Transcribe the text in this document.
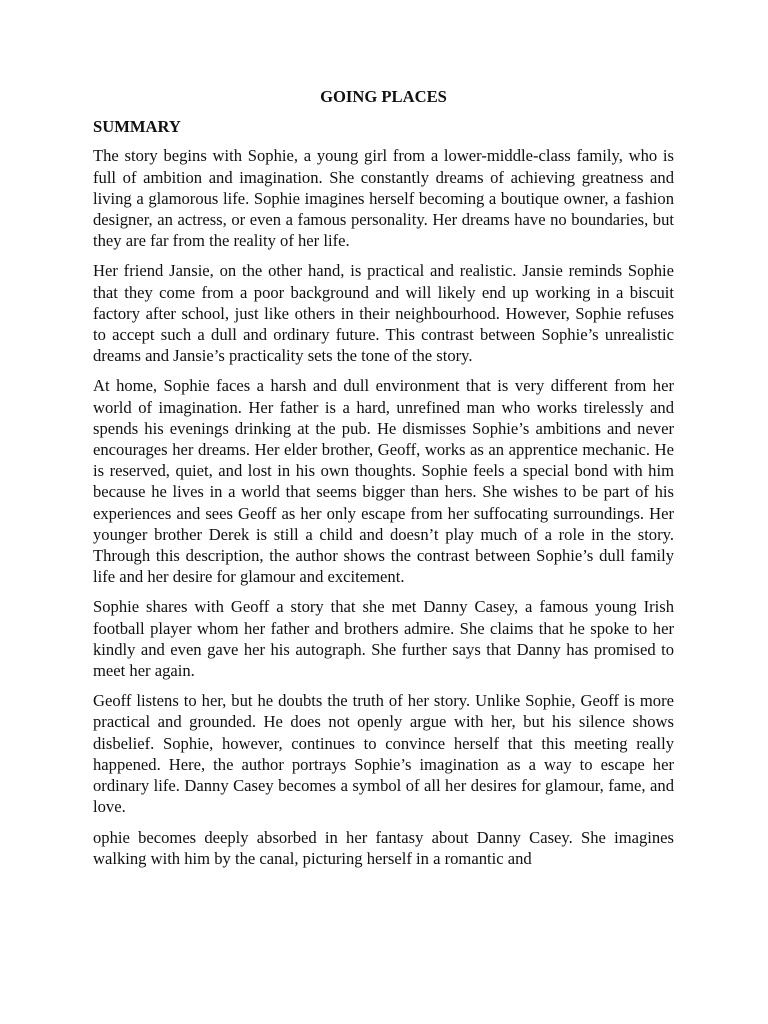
GOING PLACES
SUMMARY

The story begins with Sophie, a young girl from a lower-middle-class family, who is full of ambition and imagination. She constantly dreams of achieving greatness and living a glamorous life. Sophie imagines herself becoming a boutique owner, a fashion designer, an actress, or even a famous personality. Her dreams have no boundaries, but they are far from the reality of her life.

Her friend Jansie, on the other hand, is practical and realistic. Jansie reminds Sophie that they come from a poor background and will likely end up working in a biscuit factory after school, just like others in their neighbourhood. However, Sophie refuses to accept such a dull and ordinary future. This contrast between Sophie’s unrealistic dreams and Jansie’s practicality sets the tone of the story.

At home, Sophie faces a harsh and dull environment that is very different from her world of imagination. Her father is a hard, unrefined man who works tirelessly and spends his evenings drinking at the pub. He dismisses Sophie’s ambitions and never encourages her dreams. Her elder brother, Geoff, works as an apprentice mechanic. He is reserved, quiet, and lost in his own thoughts. Sophie feels a special bond with him because he lives in a world that seems bigger than hers. She wishes to be part of his experiences and sees Geoff as her only escape from her suffocating surroundings. Her younger brother Derek is still a child and doesn’t play much of a role in the story. Through this description, the author shows the contrast between Sophie’s dull family life and her desire for glamour and excitement.

Sophie shares with Geoff a story that she met Danny Casey, a famous young Irish football player whom her father and brothers admire. She claims that he spoke to her kindly and even gave her his autograph. She further says that Danny has promised to meet her again.

Geoff listens to her, but he doubts the truth of her story. Unlike Sophie, Geoff is more practical and grounded. He does not openly argue with her, but his silence shows disbelief. Sophie, however, continues to convince herself that this meeting really happened. Here, the author portrays Sophie’s imagination as a way to escape her ordinary life. Danny Casey becomes a symbol of all her desires for glamour, fame, and love.

ophie becomes deeply absorbed in her fantasy about Danny Casey. She imagines walking with him by the canal, picturing herself in a romantic and
